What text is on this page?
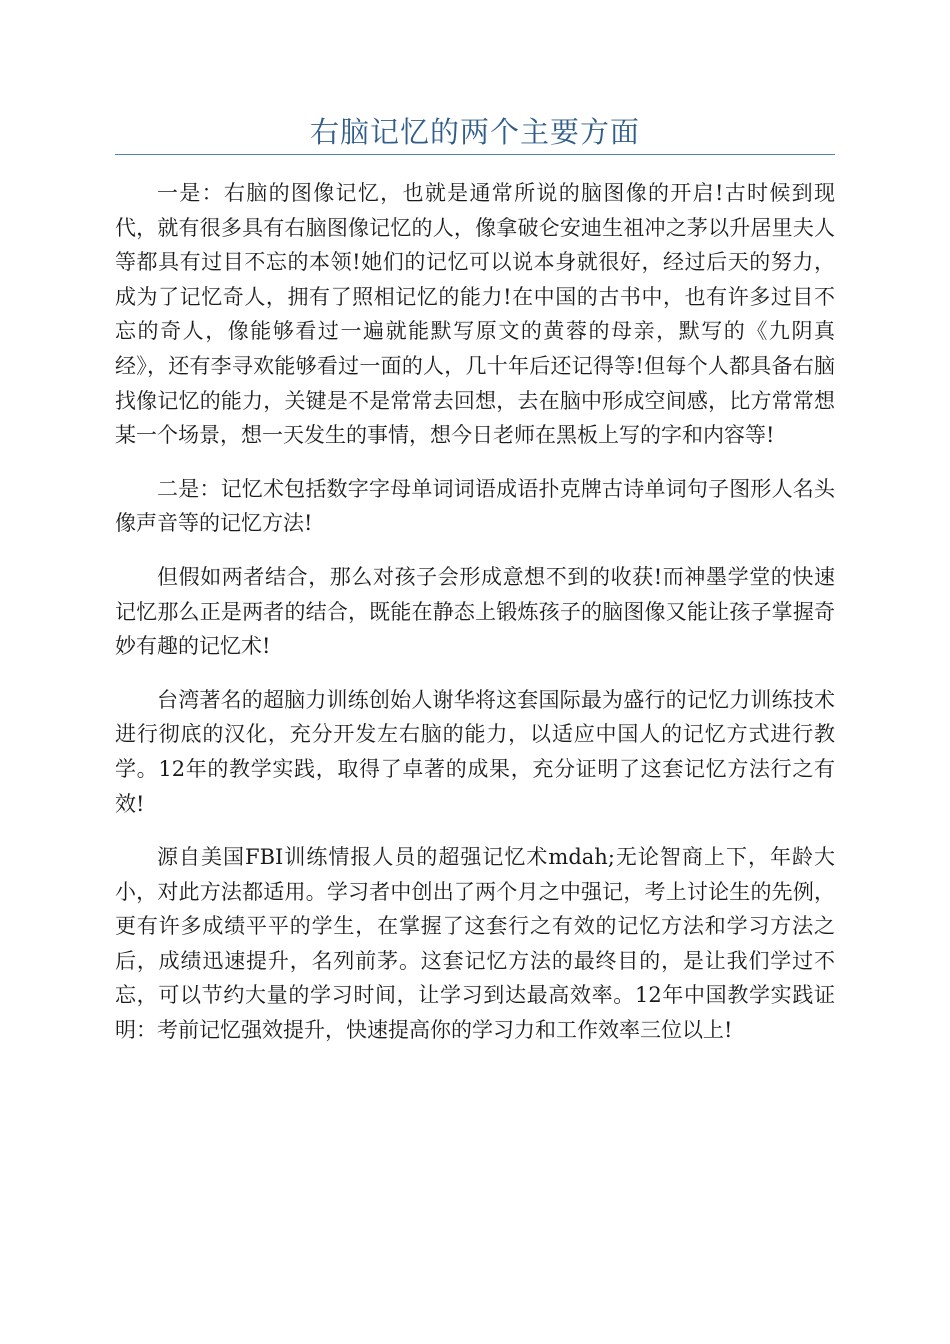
右脑记忆的两个主要方面

一是：右脑的图像记忆，也就是通常所说的脑图像的开启!古时候到现代，就有很多具有右脑图像记忆的人，像拿破仑安迪生祖冲之茅以升居里夫人等都具有过目不忘的本领!她们的记忆可以说本身就很好，经过后天的努力，成为了记忆奇人，拥有了照相记忆的能力!在中国的古书中，也有许多过目不忘的奇人，像能够看过一遍就能默写原文的黄蓉的母亲，默写的《九阴真经》，还有李寻欢能够看过一面的人，几十年后还记得等!但每个人都具备右脑找像记忆的能力，关键是不是常常去回想，去在脑中形成空间感，比方常常想某一个场景，想一天发生的事情，想今日老师在黑板上写的字和内容等!

二是：记忆术包括数字字母单词词语成语扑克牌古诗单词句子图形人名头像声音等的记忆方法!

但假如两者结合，那么对孩子会形成意想不到的收获!而神墨学堂的快速记忆那么正是两者的结合，既能在静态上锻炼孩子的脑图像又能让孩子掌握奇妙有趣的记忆术!

台湾著名的超脑力训练创始人谢华将这套国际最为盛行的记忆力训练技术进行彻底的汉化，充分开发左右脑的能力，以适应中国人的记忆方式进行教学。12年的教学实践，取得了卓著的成果，充分证明了这套记忆方法行之有效!

源自美国FBI训练情报人员的超强记忆术mdah;无论智商上下，年龄大小，对此方法都适用。学习者中创出了两个月之中强记，考上讨论生的先例，更有许多成绩平平的学生，在掌握了这套行之有效的记忆方法和学习方法之后，成绩迅速提升，名列前茅。这套记忆方法的最终目的，是让我们学过不忘，可以节约大量的学习时间，让学习到达最高效率。12年中国教学实践证明：考前记忆强效提升，快速提高你的学习力和工作效率三位以上!
